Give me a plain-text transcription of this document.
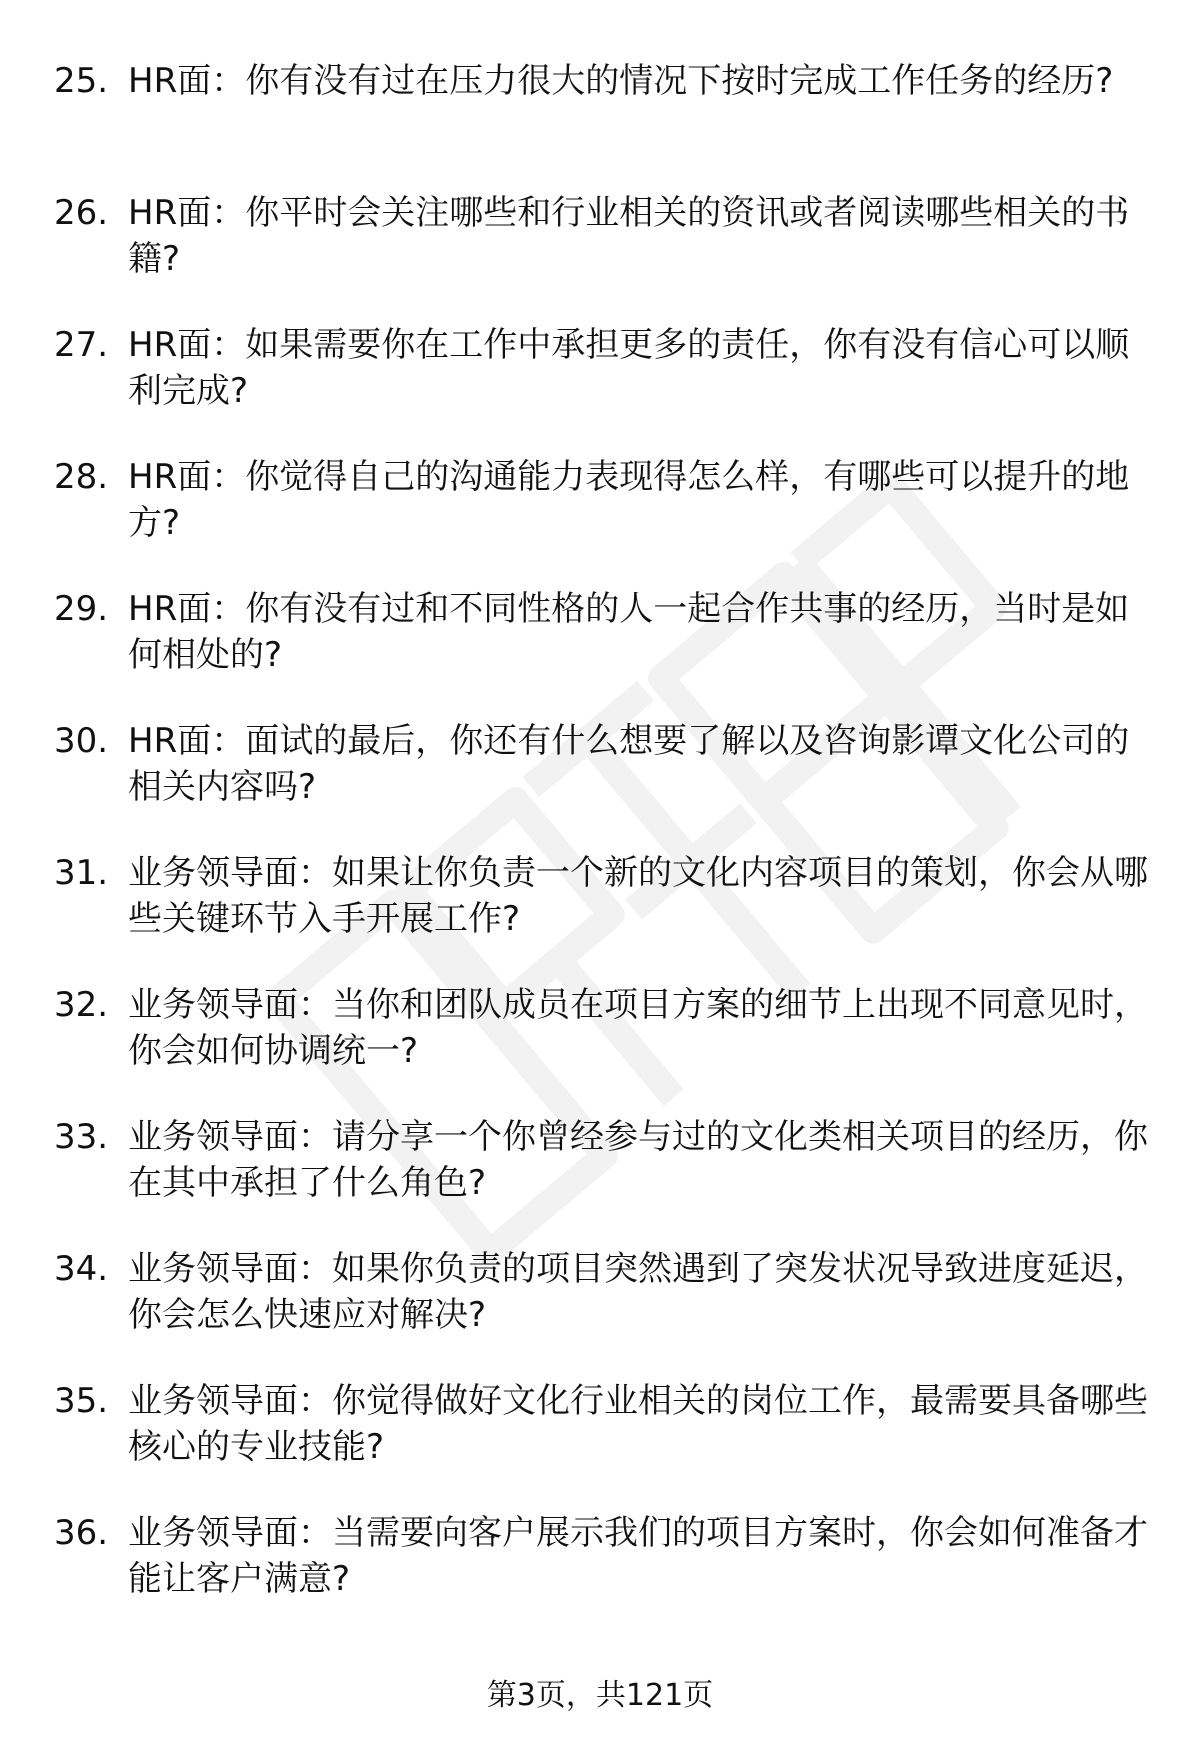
25. HR面：你有没有过在压力很大的情况下按时完成工作任务的经历?
26. HR面：你平时会关注哪些和行业相关的资讯或者阅读哪些相关的书籍?
27. HR面：如果需要你在工作中承担更多的责任，你有没有信心可以顺利完成?
28. HR面：你觉得自己的沟通能力表现得怎么样，有哪些可以提升的地方?
29. HR面：你有没有过和不同性格的人一起合作共事的经历，当时是如何相处的?
30. HR面：面试的最后，你还有什么想要了解以及咨询影谭文化公司的相关内容吗?
31. 业务领导面：如果让你负责一个新的文化内容项目的策划，你会从哪些关键环节入手开展工作?
32. 业务领导面：当你和团队成员在项目方案的细节上出现不同意见时，你会如何协调统一?
33. 业务领导面：请分享一个你曾经参与过的文化类相关项目的经历，你在其中承担了什么角色?
34. 业务领导面：如果你负责的项目突然遇到了突发状况导致进度延迟，你会怎么快速应对解决?
35. 业务领导面：你觉得做好文化行业相关的岗位工作，最需要具备哪些核心的专业技能?
36. 业务领导面：当需要向客户展示我们的项目方案时，你会如何准备才能让客户满意?
第3页，共121页
